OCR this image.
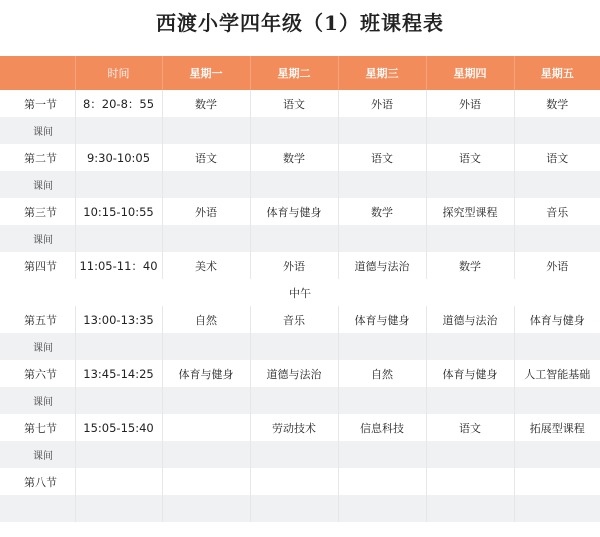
西渡小学四年级（1）班课程表
	时间	星期一	星期二	星期三	星期四	星期五
第一节	8：20-8：55	数学	语文	外语	外语	数学
课间						
第二节	9:30-10:05	语文	数学	语文	语文	语文
课间						
第三节	10:15-10:55	外语	体育与健身	数学	探究型课程	音乐
课间						
第四节	11:05-11：40	美术	外语	道德与法治	数学	外语
中午						
第五节	13:00-13:35	自然	音乐	体育与健身	道德与法治	体育与健身
课间						
第六节	13:45-14:25	体育与健身	道德与法治	自然	体育与健身	人工智能基础
课间						
第七节	15:05-15:40		劳动技术	信息科技	语文	拓展型课程
课间						
第八节						
